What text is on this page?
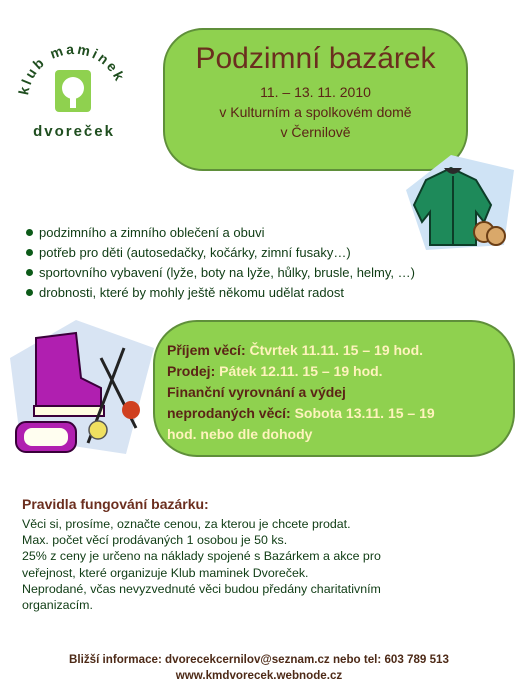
klub maminek
dvoreček
Podzimní bazárek
11. – 13. 11. 2010
v Kulturním a spolkovém domě
v Černilově
podzimního a zimního oblečení a obuvi
potřeb pro děti (autosedačky, kočárky, zimní fusaky…)
sportovního vybavení (lyže, boty na lyže, hůlky, brusle, helmy, …)
drobnosti, které by mohly ještě někomu udělat radost
Příjem věcí: Čtvrtek 11.11. 15 – 19 hod.
Prodej: Pátek 12.11. 15 – 19 hod.
Finanční vyrovnání a výdej
neprodaných věcí: Sobota 13.11. 15 – 19
hod. nebo dle dohody
Pravidla fungování bazárku:
Věci si, prosíme, označte cenou, za kterou je chcete prodat.
Max. počet věcí prodávaných 1 osobou je 50 ks.
25% z ceny je určeno na náklady spojené s Bazárkem a akce pro
veřejnost, které organizuje Klub maminek Dvoreček.
Neprodané, včas nevyzvednuté věci budou předány charitativním
organizacím.
Bližší informace: dvorecekcernilov@seznam.cz nebo tel: 603 789 513
www.kmdvorecek.webnode.cz
